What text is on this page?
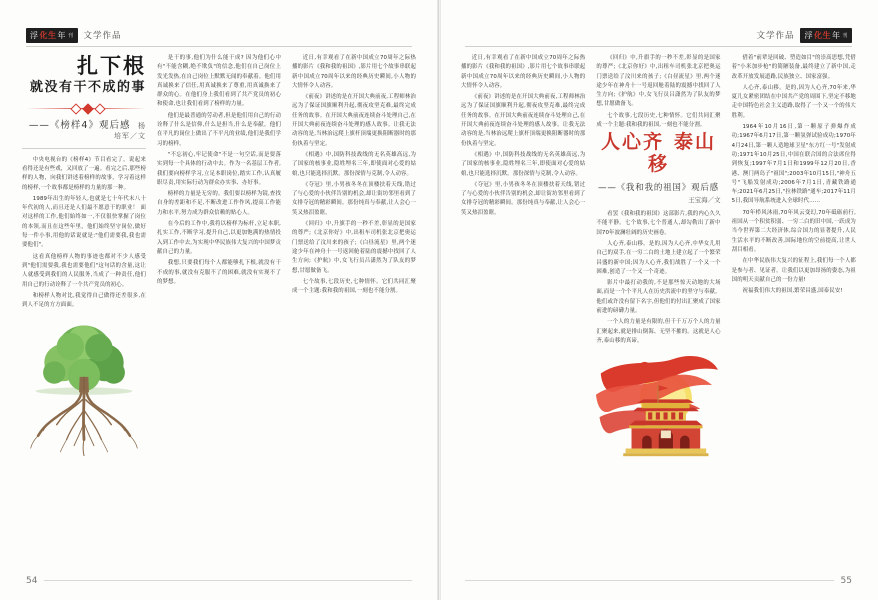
浮 化生 年 刊 文学作品
扎下根
就没有干不成的事
——《榜样4》观后感 杨培军／文

中央电视台的《榜样4》节目看完了，说起来看得还是有些戏，又回放了一遍。看完之后,那些榜样的人物，向我们讲述着榜样的故事，学习着这样的榜样,一个故事都是榜样的力量的那一种。

1989年出生的年轻人,也就是七十年代末八十年代初的人,而且还是人们最不愿意干的职业！ 面对这样的工作,他们始终如一,不仅很快掌握了岗位的本领,而且在这些年里，他们始终坚守岗位,做好每一件小事,用他的话说就是:"他们需要我,我也需要他们"。

这看真他榜样人物的事迹也都对不少人感受到"他们需要我,我也需要他们"这句话的含量,这让人就感受到我们的人民服务,当成了一种责任,他们用自己的行动诠释了一个共产党员的初心。

和榜样人物对比,我觉得自己做得还差很多,在到人不足的方方面面。

是干的事,他们为什么能干成? 因为他们心中有"不能含糊,绝不欺负"的信念,他们在自己岗位上发光发热,在自己岗位上默默无闻的奉献着。他们用真诚换来了信任,用真诚换来了尊重,用真诚换来了群众的心。在他们身上我们看到了共产党员的初心和使命,也让我们看到了榜样的力量。

他们是最普通的劳动者,但是他们用自己的行动诠释了什么是信仰,什么是担当,什么是奉献。他们在平凡的岗位上做出了不平凡的业绩,他们是我们学习的榜样。

"不忘初心,牢记使命"不是一句空话,而是要落实到每一个具体的行动中去。作为一名基层工作者,我们要向榜样学习,立足本职岗位,踏实工作,认真履职尽责,用实际行动为群众办实事、办好事。

榜样的力量是无穷的。我们要以榜样为镜,查找自身的差距和不足,不断改进工作作风,提高工作能力和水平,努力成为群众信赖的贴心人。

在今后的工作中,我将以榜样为标杆,立足本职,扎实工作,不断学习,提升自己,以更加饱满的热情投入到工作中去,为实现中华民族伟大复兴的中国梦贡献自己的力量。

我想,只要我们每个人都能够扎下根,就没有干不成的事,就没有克服不了的困难,就没有实现不了的梦想。

近日,有幸观看了在新中国成立70周年之际热播的影片《我和我的祖国》,影片用七个故事串联起新中国成立70周年以来的经典历史瞬间,小人物的大情怀令人动容。

《前夜》讲述的是在开国大典前夜,工程师林治远为了保证国旗顺利升起,彻夜攻坚克难,最终完成任务的故事。在开国大典前夜连续奋斗处理自己,在开国大典前夜连续奋斗处理的感人故事。让我无法动容的是,当林治远爬上旗杆顶端更换阻断器时的那份执着与坚定。

《相遇》中,国防科技战线的无名英雄高远,为了国家的核事业,隐姓埋名三年,即使面对心爱的姑娘,也只能选择沉默。那份深情与克制,令人动容。

《夺冠》里,小男孩冬冬在顶楼扶着天线,错过了与心爱的小伙伴告别的机会,却让街坊邻里看到了女排夺冠的精彩瞬间。那份纯真与奉献,让人会心一笑又热泪盈眶。

《回归》中,升旗手的一秒不差,彰显的是国家的尊严;《北京你好》中,出租车司机张北京把奥运门票送给了汶川来的孩子;《白昼流星》里,两个迷途少年在神舟十一号返回舱着陆的震撼中找回了人生方向;《护航》中,女飞行员吕潇然为了队友的梦想,甘愿做备飞。

七个故事,七段历史,七种情怀。它们共同汇聚成一个主题:我和我的祖国,一刻也不能分割。

54
浮 化生 年 刊
文学作品

近日,有幸观看了在新中国成立70周年之际热播的影片《我和我的祖国》,影片用七个故事串联起新中国成立70周年以来的经典历史瞬间,小人物的大情怀令人动容。

《前夜》讲述的是在开国大典前夜,工程师林治远为了保证国旗顺利升起,彻夜攻坚克难,最终完成任务的故事。在开国大典前夜连续奋斗处理自己,在开国大典前夜连续奋斗处理的感人故事。让我无法动容的是,当林治远爬上旗杆顶端更换阻断器时的那份执着与坚定。

《相遇》中,国防科技战线的无名英雄高远,为了国家的核事业,隐姓埋名三年,即使面对心爱的姑娘,也只能选择沉默。那份深情与克制,令人动容。

《夺冠》里,小男孩冬冬在顶楼扶着天线,错过了与心爱的小伙伴告别的机会,却让街坊邻里看到了女排夺冠的精彩瞬间。那份纯真与奉献,让人会心一笑又热泪盈眶。

《回归》中,升旗手的一秒不差,彰显的是国家的尊严;《北京你好》中,出租车司机张北京把奥运门票送给了汶川来的孩子;《白昼流星》里,两个迷途少年在神舟十一号返回舱着陆的震撼中找回了人生方向;《护航》中,女飞行员吕潇然为了队友的梦想,甘愿做备飞。

七个故事,七段历史,七种情怀。它们共同汇聚成一个主题:我和我的祖国,一刻也不能分割。

人心齐 泰山移
——《我和我的祖国》观后感
王宝海／文

看罢《我和我的祖国》这部影片,我的内心久久不能平静。七个故事,七个普通人,却勾勒出了新中国70年波澜壮阔的历史画卷。

人心齐,泰山移。是的,因为人心齐,中华女儿用自己的双手,在一穷二白的土地上建立起了一个繁荣昌盛的新中国;因为人心齐,我们战胜了一个又一个困难,创造了一个又一个奇迹。

影片中最打动我的,不是那些惊天动地的大场面,而是一个个平凡人在历史洪流中的坚守与奉献。他们或许没有留下名字,但他们的付出汇聚成了国家前进的磅礴力量。

一个人的力量是有限的,但千千万万个人的力量汇聚起来,就是排山倒海、无坚不摧的。这就是人心齐,泰山移的真谛。

借着"前辈是回破、塑造如目"的崇高思想,凭借着"小米加步枪"的简陋装备,最终建立了新中国,走改革开放发展道路,民族独立、国家富强。

人心齐,泰山移。是的,因为人心齐,70年来,华夏儿女紧密团结在中国共产党的周围下,坚定不移地走中国特色社会主义道路,取得了一个又一个的伟大胜利。

1964年10月16日,第一颗原子弹爆炸成功;1967年6月17日,第一颗氢弹试验成功;1970年4月24日,第一颗人造地球卫星"东方红一号"发射成功;1971年10月25日,中国在联合国的合法席位得到恢复;1997年7月1日和1999年12月20日,香港、澳门两岛子"祖国";2003年10月15日,"神舟五号"飞船发射成功;2006年7月1日,青藏铁路通车;2021年6月25日,"拉林铁路"通车;2017年11月5日,我国导航系统进入全球时代……

70年栉风沐雨,70年风云变幻,70年砥砺前行,祖国从一个积贫积弱、一穷二白的旧中国,一跃成为当今世界第二大经济体,综合国力的显著提升,人民生活水平的不断改善,国际地位的空前提高,让世人刮目相看。

在中华民族伟大复兴的征程上,我们每一个人都是参与者、见证者。让我们以更加昂扬的姿态,为祖国的明天贡献自己的一份力量!

祝福我们伟大的祖国,繁荣昌盛,国泰民安!

55
